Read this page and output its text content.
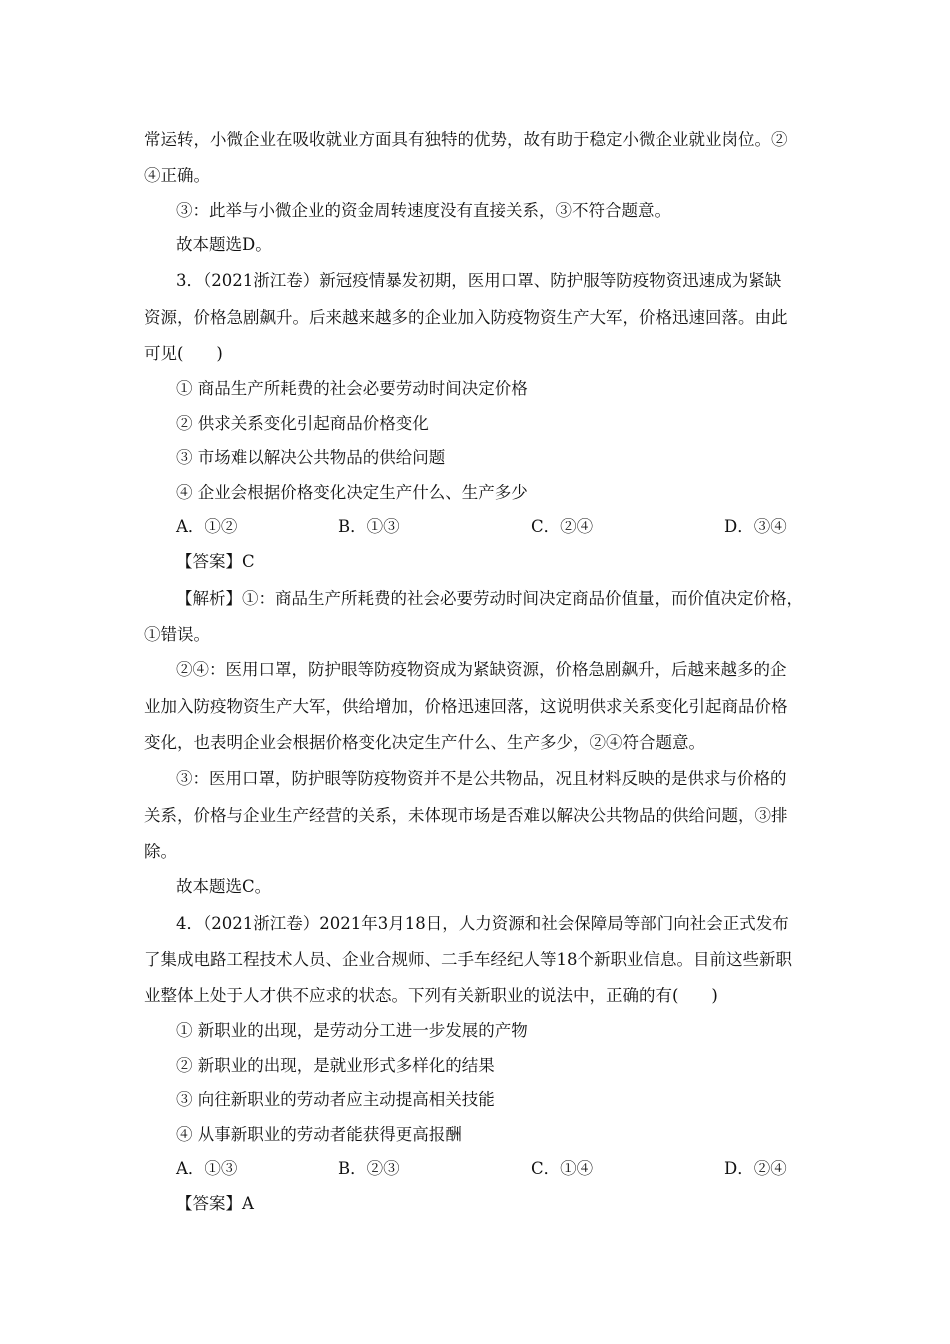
常运转，小微企业在吸收就业方面具有独特的优势，故有助于稳定小微企业就业岗位。②
④正确。
③：此举与小微企业的资金周转速度没有直接关系，③不符合题意。
故本题选D。
3．（2021浙江卷）新冠疫情暴发初期，医用口罩、防护服等防疫物资迅速成为紧缺
资源，价格急剧飙升。后来越来越多的企业加入防疫物资生产大军，价格迅速回落。由此
可见(　　)
① 商品生产所耗费的社会必要劳动时间决定价格
② 供求关系变化引起商品价格变化
③ 市场难以解决公共物品的供给问题
④ 企业会根据价格变化决定生产什么、生产多少
A．①②	B．①③	C．②④	D．③④
【答案】C
【解析】①：商品生产所耗费的社会必要劳动时间决定商品价值量，而价值决定价格，
①错误。
②④：医用口罩，防护眼等防疫物资成为紧缺资源，价格急剧飙升，后越来越多的企
业加入防疫物资生产大军，供给增加，价格迅速回落，这说明供求关系变化引起商品价格
变化，也表明企业会根据价格变化决定生产什么、生产多少，②④符合题意。
③：医用口罩，防护眼等防疫物资并不是公共物品，况且材料反映的是供求与价格的
关系，价格与企业生产经营的关系，未体现市场是否难以解决公共物品的供给问题，③排
除。
故本题选C。
4．（2021浙江卷）2021年3月18日，人力资源和社会保障局等部门向社会正式发布
了集成电路工程技术人员、企业合规师、二手车经纪人等18个新职业信息。目前这些新职
业整体上处于人才供不应求的状态。下列有关新职业的说法中，正确的有(　　)
① 新职业的出现，是劳动分工进一步发展的产物
② 新职业的出现，是就业形式多样化的结果
③ 向往新职业的劳动者应主动提高相关技能
④ 从事新职业的劳动者能获得更高报酬
A．①③	B．②③	C．①④	D．②④
【答案】A
